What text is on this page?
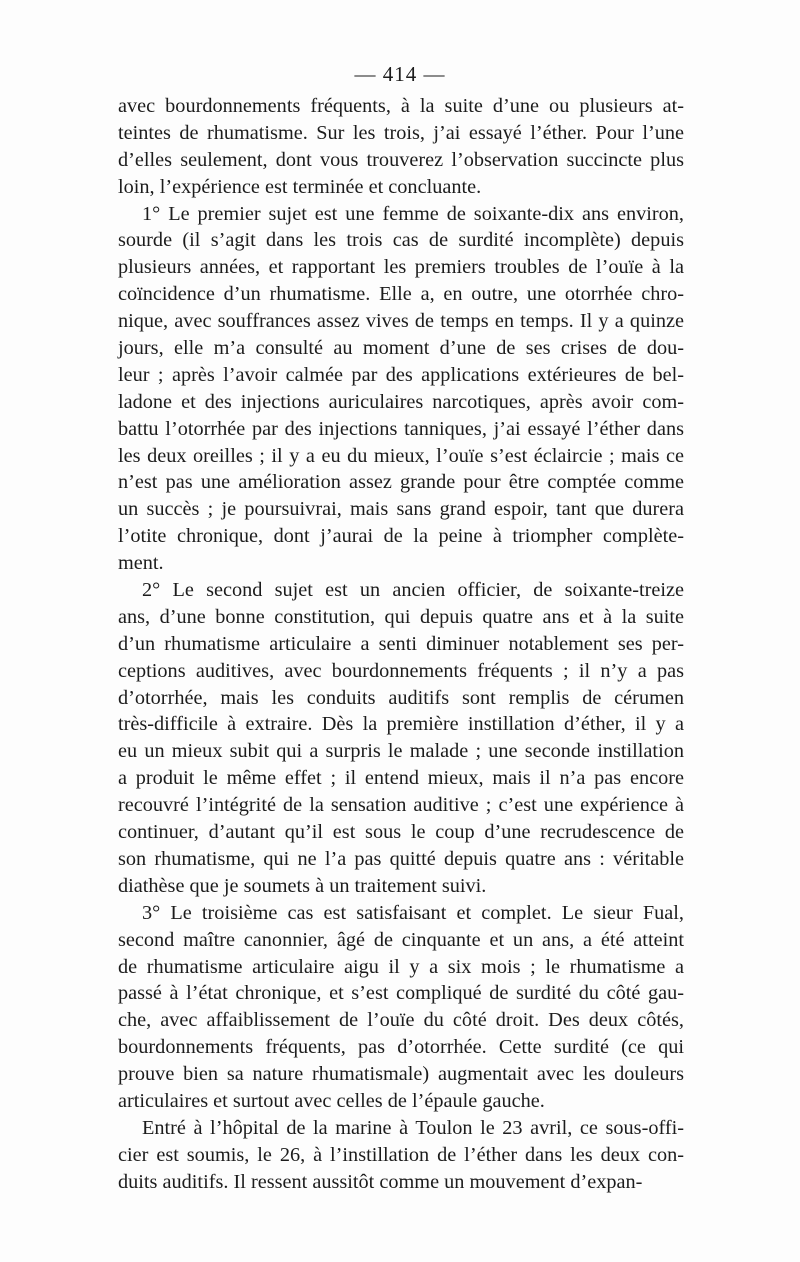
— 414 —
avec bourdonnements fréquents, à la suite d’une ou plusieurs at-
teintes de rhumatisme. Sur les trois, j’ai essayé l’éther. Pour l’une
d’elles seulement, dont vous trouverez l’observation succincte plus
loin, l’expérience est terminée et concluante.
1° Le premier sujet est une femme de soixante-dix ans environ,
sourde (il s’agit dans les trois cas de surdité incomplète) depuis
plusieurs années, et rapportant les premiers troubles de l’ouïe à la
coïncidence d’un rhumatisme. Elle a, en outre, une otorrhée chro-
nique, avec souffrances assez vives de temps en temps. Il y a quinze
jours, elle m’a consulté au moment d’une de ses crises de dou-
leur ; après l’avoir calmée par des applications extérieures de bel-
ladone et des injections auriculaires narcotiques, après avoir com-
battu l’otorrhée par des injections tanniques, j’ai essayé l’éther dans
les deux oreilles ; il y a eu du mieux, l’ouïe s’est éclaircie ; mais ce
n’est pas une amélioration assez grande pour être comptée comme
un succès ; je poursuivrai, mais sans grand espoir, tant que durera
l’otite chronique, dont j’aurai de la peine à triompher complète-
ment.
2° Le second sujet est un ancien officier, de soixante-treize
ans, d’une bonne constitution, qui depuis quatre ans et à la suite
d’un rhumatisme articulaire a senti diminuer notablement ses per-
ceptions auditives, avec bourdonnements fréquents ; il n’y a pas
d’otorrhée, mais les conduits auditifs sont remplis de cérumen
très-difficile à extraire. Dès la première instillation d’éther, il y a
eu un mieux subit qui a surpris le malade ; une seconde instillation
a produit le même effet ; il entend mieux, mais il n’a pas encore
recouvré l’intégrité de la sensation auditive ; c’est une expérience à
continuer, d’autant qu’il est sous le coup d’une recrudescence de
son rhumatisme, qui ne l’a pas quitté depuis quatre ans : véritable
diathèse que je soumets à un traitement suivi.
3° Le troisième cas est satisfaisant et complet. Le sieur Fual,
second maître canonnier, âgé de cinquante et un ans, a été atteint
de rhumatisme articulaire aigu il y a six mois ; le rhumatisme a
passé à l’état chronique, et s’est compliqué de surdité du côté gau-
che, avec affaiblissement de l’ouïe du côté droit. Des deux côtés,
bourdonnements fréquents, pas d’otorrhée. Cette surdité (ce qui
prouve bien sa nature rhumatismale) augmentait avec les douleurs
articulaires et surtout avec celles de l’épaule gauche.
Entré à l’hôpital de la marine à Toulon le 23 avril, ce sous-offi-
cier est soumis, le 26, à l’instillation de l’éther dans les deux con-
duits auditifs. Il ressent aussitôt comme un mouvement d’expan-
